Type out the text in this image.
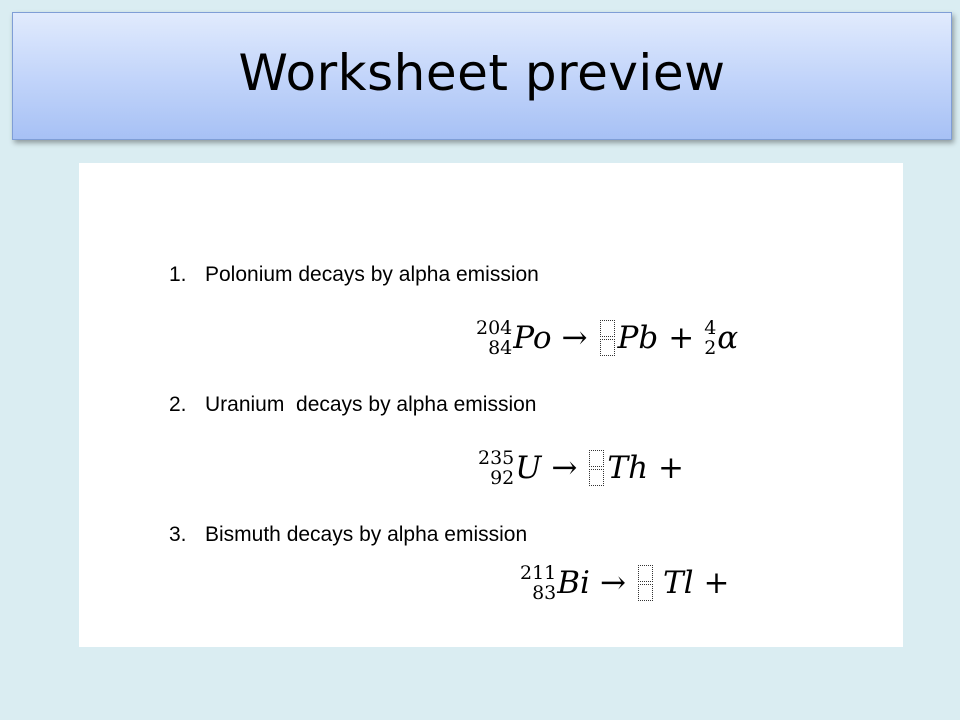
Worksheet preview
1. Polonium decays by alpha emission
204
84 Po → Pb + 4
2 α
2. Uranium  decays by alpha emission
235
92 U → Th +
3. Bismuth decays by alpha emission
211
83 Bi → Tl +
